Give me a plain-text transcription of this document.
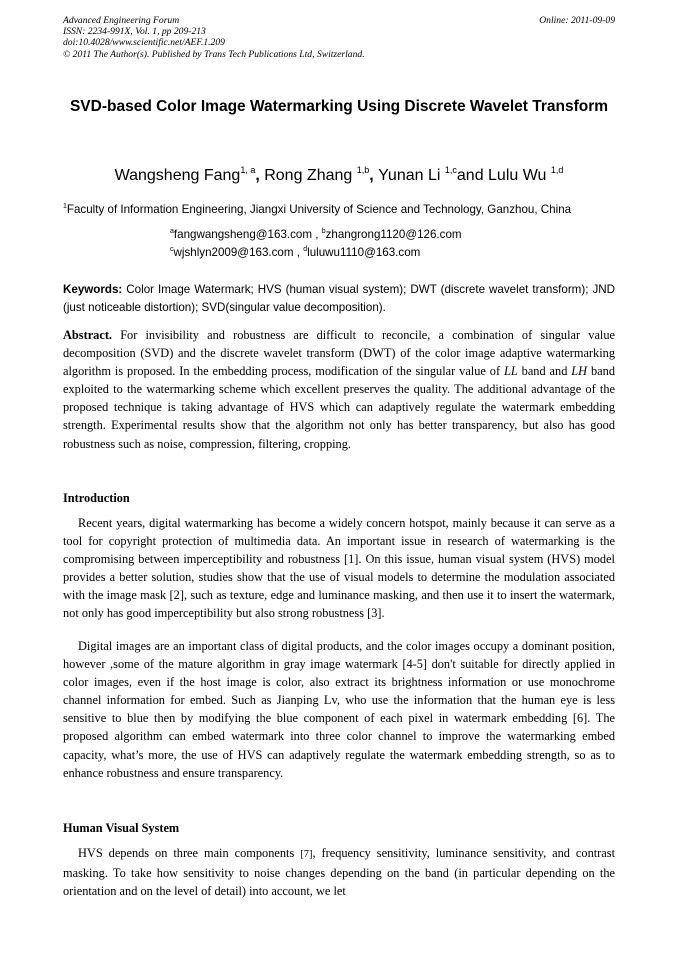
Advanced Engineering Forum
ISSN: 2234-991X, Vol. 1, pp 209-213
doi:10.4028/www.scientific.net/AEF.1.209
© 2011 The Author(s). Published by Trans Tech Publications Ltd, Switzerland.
Online: 2011-09-09
SVD-based Color Image Watermarking Using Discrete Wavelet Transform
Wangsheng Fang$^{1, a}$, Rong Zhang $^{1,b}$, Yunan Li $^{1,c}$and Lulu Wu $^{1,d}$
$^1$Faculty of Information Engineering, Jiangxi University of Science and Technology, Ganzhou, China
$^a$fangwangsheng@163.com , $^b$zhangrong1120@126.com
$^c$wjshlyn2009@163.com , $^d$luluwu1110@163.com
Keywords: Color Image Watermark; HVS (human visual system); DWT (discrete wavelet transform); JND (just noticeable distortion); SVD(singular value decomposition).
Abstract. For invisibility and robustness are difficult to reconcile, a combination of singular value decomposition (SVD) and the discrete wavelet transform (DWT) of the color image adaptive watermarking algorithm is proposed. In the embedding process, modification of the singular value of LL band and LH band exploited to the watermarking scheme which excellent preserves the quality. The additional advantage of the proposed technique is taking advantage of HVS which can adaptively regulate the watermark embedding strength. Experimental results show that the algorithm not only has better transparency, but also has good robustness such as noise, compression, filtering, cropping.
Introduction
Recent years, digital watermarking has become a widely concern hotspot, mainly because it can serve as a tool for copyright protection of multimedia data. An important issue in research of watermarking is the compromising between imperceptibility and robustness [1]. On this issue, human visual system (HVS) model provides a better solution, studies show that the use of visual models to determine the modulation associated with the image mask [2], such as texture, edge and luminance masking, and then use it to insert the watermark, not only has good imperceptibility but also strong robustness [3].
Digital images are an important class of digital products, and the color images occupy a dominant position, however ,some of the mature algorithm in gray image watermark [4-5] don't suitable for directly applied in color images, even if the host image is color, also extract its brightness information or use monochrome channel information for embed. Such as Jianping Lv, who use the information that the human eye is less sensitive to blue then by modifying the blue component of each pixel in watermark embedding [6]. The proposed algorithm can embed watermark into three color channel to improve the watermarking embed capacity, what’s more, the use of HVS can adaptively regulate the watermark embedding strength, so as to enhance robustness and ensure transparency.
Human Visual System
HVS depends on three main components [7], frequency sensitivity, luminance sensitivity, and contrast masking. To take how sensitivity to noise changes depending on the band (in particular depending on the orientation and on the level of detail) into account, we let
